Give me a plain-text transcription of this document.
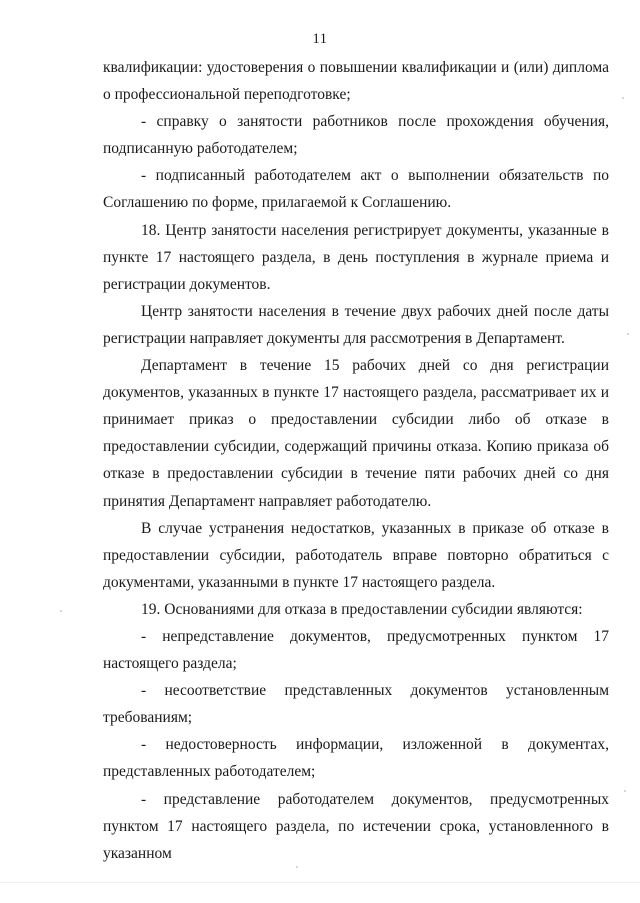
11

квалификации: удостоверения о повышении квалификации и (или) диплома о профессиональной переподготовке;

- справку о занятости работников после прохождения обучения, подписанную работодателем;

- подписанный работодателем акт о выполнении обязательств по Соглашению по форме, прилагаемой к Соглашению.

18. Центр занятости населения регистрирует документы, указанные в пункте 17 настоящего раздела, в день поступления в журнале приема и регистрации документов.

Центр занятости населения в течение двух рабочих дней после даты регистрации направляет документы для рассмотрения в Департамент.

Департамент в течение 15 рабочих дней со дня регистрации документов, указанных в пункте 17 настоящего раздела, рассматривает их и принимает приказ о предоставлении субсидии либо об отказе в предоставлении субсидии, содержащий причины отказа. Копию приказа об отказе в предоставлении субсидии в течение пяти рабочих дней со дня принятия Департамент направляет работодателю.

В случае устранения недостатков, указанных в приказе об отказе в предоставлении субсидии, работодатель вправе повторно обратиться с документами, указанными в пункте 17 настоящего раздела.

19. Основаниями для отказа в предоставлении субсидии являются:

- непредставление документов, предусмотренных пунктом 17 настоящего раздела;

- несоответствие представленных документов установленным требованиям;

- недостоверность информации, изложенной в документах, представленных работодателем;

- представление работодателем документов, предусмотренных пунктом 17 настоящего раздела, по истечении срока, установленного в указанном
